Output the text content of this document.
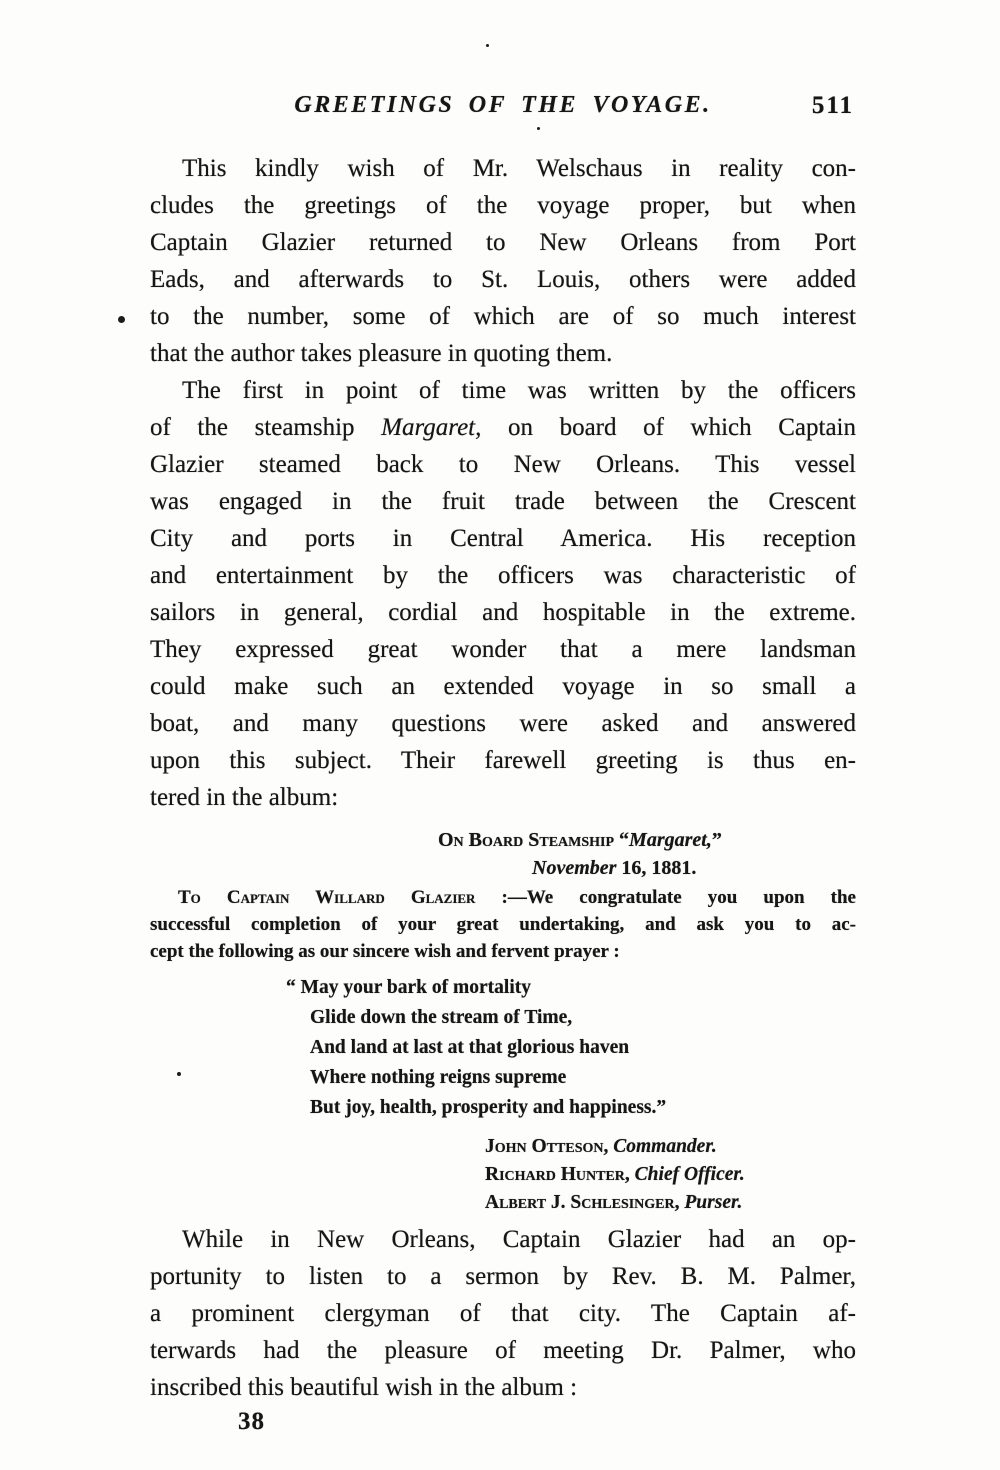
GREETINGS OF THE VOYAGE.	511
This kindly wish of Mr. Welschaus in reality con-
cludes the greetings of the voyage proper, but when
Captain Glazier returned to New Orleans from Port
Eads, and afterwards to St. Louis, others were added
to the number, some of which are of so much interest
that the author takes pleasure in quoting them.
The first in point of time was written by the officers
of the steamship Margaret, on board of which Captain
Glazier steamed back to New Orleans. This vessel
was engaged in the fruit trade between the Crescent
City and ports in Central America. His reception
and entertainment by the officers was characteristic of
sailors in general, cordial and hospitable in the extreme.
They expressed great wonder that a mere landsman
could make such an extended voyage in so small a
boat, and many questions were asked and answered
upon this subject. Their farewell greeting is thus en-
tered in the album:
On Board Steamship “Margaret,”
November 16, 1881.
To Captain Willard Glazier :—We congratulate you upon the
successful completion of your great undertaking, and ask you to ac-
cept the following as our sincere wish and fervent prayer :
“ May your bark of mortality
Glide down the stream of Time,
And land at last at that glorious haven
Where nothing reigns supreme
But joy, health, prosperity and happiness.”
John Otteson, Commander.
Richard Hunter, Chief Officer.
Albert J. Schlesinger, Purser.
While in New Orleans, Captain Glazier had an op-
portunity to listen to a sermon by Rev. B. M. Palmer,
a prominent clergyman of that city. The Captain af-
terwards had the pleasure of meeting Dr. Palmer, who
inscribed this beautiful wish in the album :
38
